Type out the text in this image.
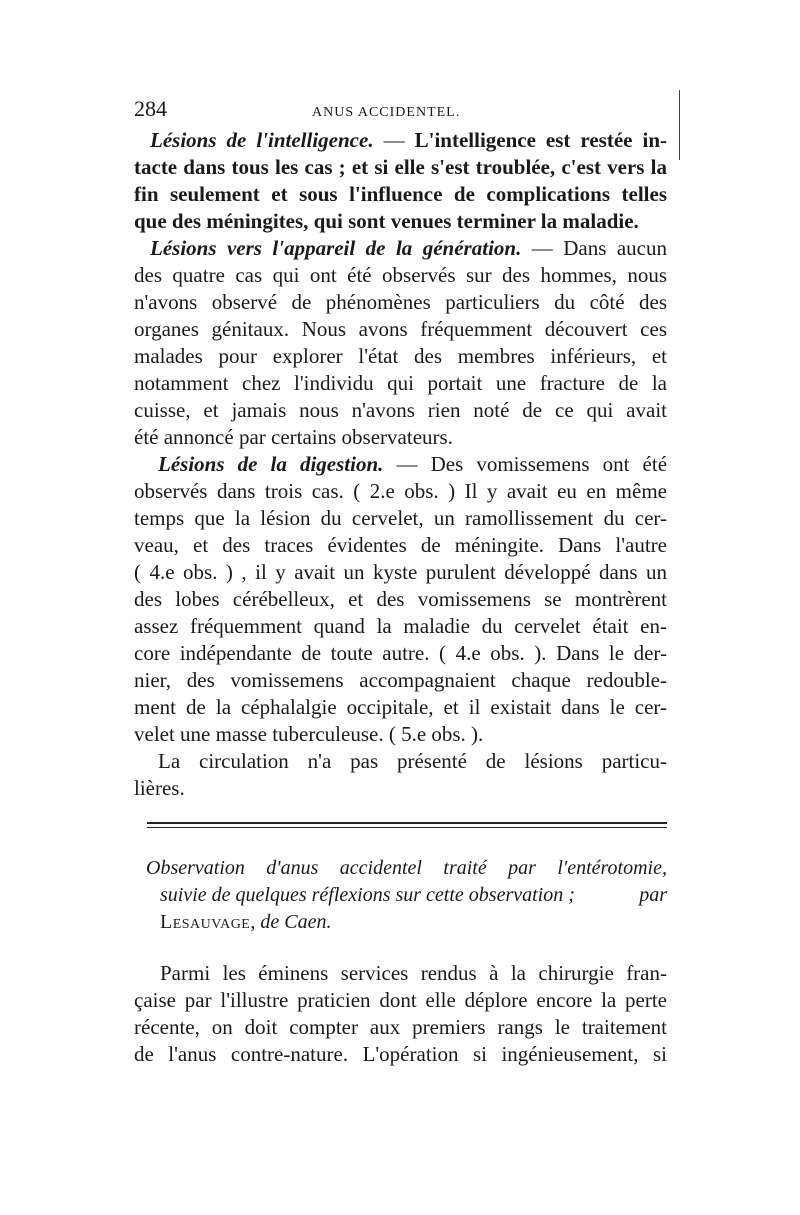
284	ANUS ACCIDENTEL.
Lésions de l'intelligence. — L'intelligence est restée in-
tacte dans tous les cas ; et si elle s'est troublée, c'est vers la
fin seulement et sous l'influence de complications telles
que des méningites, qui sont venues terminer la maladie.
Lésions vers l'appareil de la génération. — Dans aucun
des quatre cas qui ont été observés sur des hommes, nous
n'avons observé de phénomènes particuliers du côté des
organes génitaux. Nous avons fréquemment découvert ces
malades pour explorer l'état des membres inférieurs, et
notamment chez l'individu qui portait une fracture de la
cuisse, et jamais nous n'avons rien noté de ce qui avait
été annoncé par certains observateurs.
Lésions de la digestion. — Des vomissemens ont été
observés dans trois cas. ( 2.e obs. ) Il y avait eu en même
temps que la lésion du cervelet, un ramollissement du cer-
veau, et des traces évidentes de méningite. Dans l'autre
( 4.e obs. ) , il y avait un kyste purulent développé dans un
des lobes cérébelleux, et des vomissemens se montrèrent
assez fréquemment quand la maladie du cervelet était en-
core indépendante de toute autre. ( 4.e obs. ). Dans le der-
nier, des vomissemens accompagnaient chaque redouble-
ment de la céphalalgie occipitale, et il existait dans le cer-
velet une masse tuberculeuse. ( 5.e obs. ).
La circulation n'a pas présenté de lésions particu-
lières.
Observation d'anus accidentel traité par l'entérotomie,
suivie de quelques réflexions sur cette observation ;	par
Lesauvage, de Caen.
Parmi les éminens services rendus à la chirurgie fran-
çaise par l'illustre praticien dont elle déplore encore la perte
récente, on doit compter aux premiers rangs le traitement
de l'anus contre-nature. L'opération si ingénieusement, si
